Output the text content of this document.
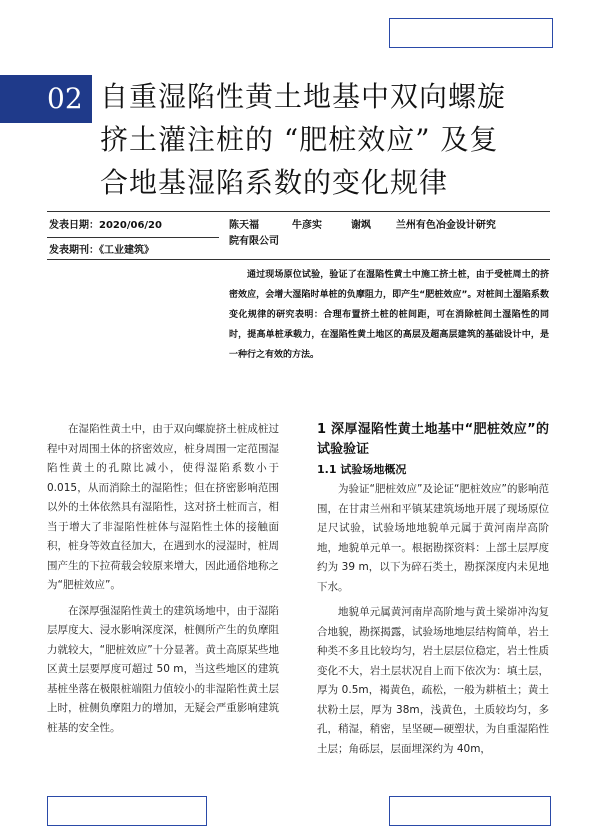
02 自重湿陷性黄土地基中双向螺旋
挤土灌注桩的 “肥桩效应” 及复
合地基湿陷系数的变化规律
发表日期：2020/06/20
发表期刊：《工业建筑》
陈天福	牛彦实	谢飒 兰州有色冶金设计研究
院有限公司
通过现场原位试验，验证了在湿陷性黄土中施工挤土桩，由于受桩周土的挤密效应，会增大湿陷时单桩的负摩阻力，即产生“肥桩效应”。对桩间土湿陷系数变化规律的研究表明：合理布置挤土桩的桩间距，可在消除桩间土湿陷性的同时，提高单桩承载力，在湿陷性黄土地区的高层及超高层建筑的基础设计中，是一种行之有效的方法。

在湿陷性黄土中，由于双向螺旋挤土桩成桩过程中对周围土体的挤密效应，桩身周围一定范围湿陷性黄土的孔隙比减小，使得湿陷系数小于 0.015，从而消除土的湿陷性；但在挤密影响范围以外的土体依然具有湿陷性，这对挤土桩而言，相当于增大了非湿陷性桩体与湿陷性土体的接触面积，桩身等效直径加大，在遇到水的浸湿时，桩周围产生的下拉荷载会较原来增大，因此通俗地称之为“肥桩效应”。

在深厚强湿陷性黄土的建筑场地中，由于湿陷层厚度大、浸水影响深度深，桩侧所产生的负摩阻力就较大，“肥桩效应”十分显著。黄土高原某些地区黄土层要厚度可超过 50 m，当这些地区的建筑基桩坐落在极限桩端阻力值较小的非湿陷性黄土层上时，桩侧负摩阻力的增加，无疑会严重影响建筑桩基的安全性。

1 深厚湿陷性黄土地基中“肥桩效应”的试验验证
1.1 试验场地概况

为验证“肥桩效应”及论证“肥桩效应”的影响范围，在甘肃兰州和平镇某建筑场地开展了现场原位足尺试验，试验场地地貌单元属于黄河南岸高阶地，地貌单元单一。根据勘探资料：上部土层厚度约为 39 m，以下为碎石类土，勘探深度内未见地下水。

地貌单元属黄河南岸高阶地与黄土梁峁冲沟复合地貌，勘探揭露，试验场地地层结构简单，岩土种类不多且比较均匀，岩土层层位稳定，岩土性质变化不大，岩土层状况自上而下依次为：填土层，厚为 0.5m，褐黄色，疏松，一般为耕植土；黄土状粉土层，厚为 38m，浅黄色，土质较均匀，多孔，稍湿，稍密，呈坚硬—硬塑状，为自重湿陷性土层；角砾层，层面埋深约为 40m，
